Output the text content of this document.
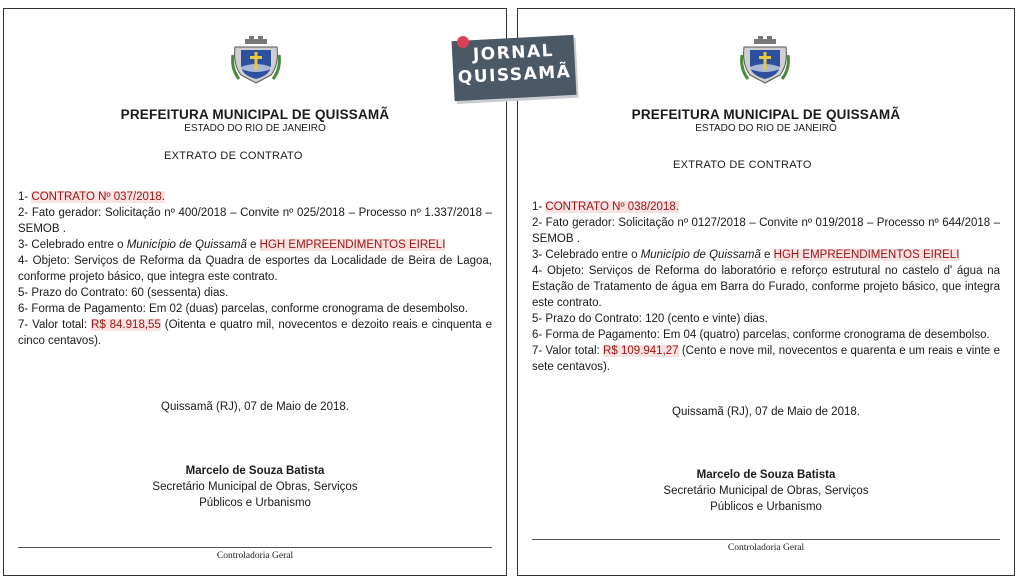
PREFEITURA MUNICIPAL DE QUISSAMÃ
ESTADO DO RIO DE JANEIRO
EXTRATO DE CONTRATO

1- CONTRATO Nº 037/2018.

2- Fato gerador: Solicitação nº 400/2018 – Convite nº 025/2018 – Processo nº 1.337/2018 –SEMOB .

3- Celebrado entre o Município de Quissamã e HGH EMPREENDIMENTOS EIRELI

4- Objeto: Serviços de Reforma da Quadra de esportes da Localidade de Beira de Lagoa, conforme projeto básico, que integra este contrato.

5- Prazo do Contrato: 60 (sessenta) dias.

6- Forma de Pagamento: Em 02 (duas) parcelas, conforme cronograma de desembolso.

7- Valor total: R$ 84.918,55 (Oitenta e quatro mil, novecentos e dezoito reais e cinquenta e cinco centavos).

Quissamã (RJ), 07 de Maio de 2018.
Marcelo de Souza Batista
Secretário Municipal de Obras, Serviços
Públicos e Urbanismo
Controladoria Geral
PREFEITURA MUNICIPAL DE QUISSAMÃ
ESTADO DO RIO DE JANEIRO
EXTRATO DE CONTRATO

1- CONTRATO Nº 038/2018.

2- Fato gerador: Solicitação nº 0127/2018 – Convite nº 019/2018 – Processo nº 644/2018 –SEMOB .

3- Celebrado entre o Município de Quissamã e HGH EMPREENDIMENTOS EIRELI

4- Objeto: Serviços de Reforma do laboratório e reforço estrutural no castelo d' água na Estação de Tratamento de água em Barra do Furado, conforme projeto básico, que integra este contrato.

5- Prazo do Contrato: 120 (cento e vinte) dias.

6- Forma de Pagamento: Em 04 (quatro) parcelas, conforme cronograma de desembolso.

7- Valor total: R$ 109.941,27 (Cento e nove mil, novecentos e quarenta e um reais e vinte e sete centavos).

Quissamã (RJ), 07 de Maio de 2018.
Marcelo de Souza Batista
Secretário Municipal de Obras, Serviços
Públicos e Urbanismo
Controladoria Geral
JORNAL
QUISSAMÃ
